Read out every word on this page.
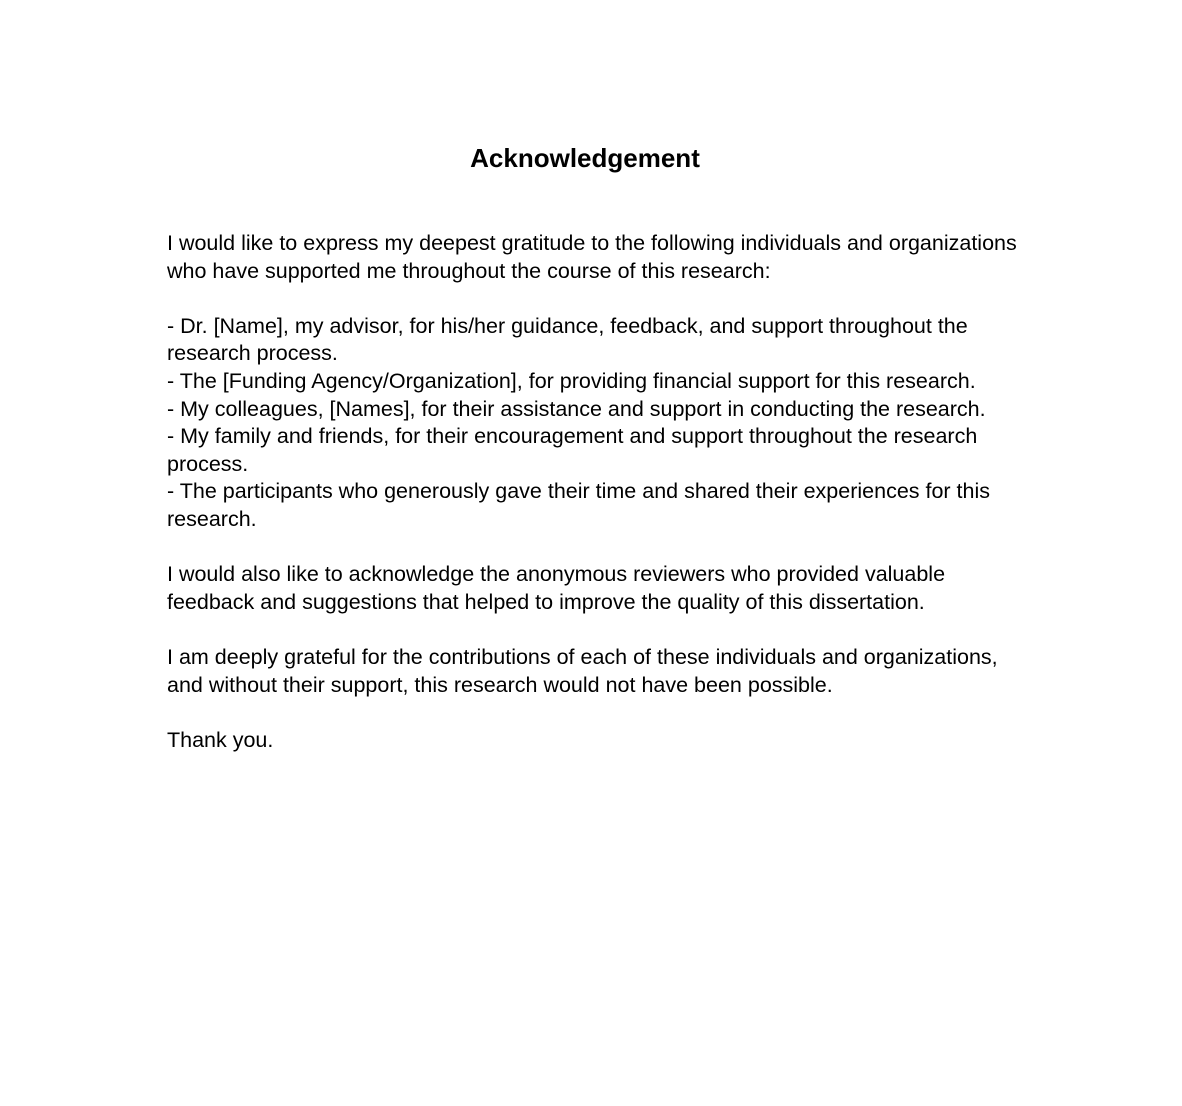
Acknowledgement

I would like to express my deepest gratitude to the following individuals and organizations who have supported me throughout the course of this research:

- Dr. [Name], my advisor, for his/her guidance, feedback, and support throughout the research process.
- The [Funding Agency/Organization], for providing financial support for this research.
- My colleagues, [Names], for their assistance and support in conducting the research.
- My family and friends, for their encouragement and support throughout the research process.
- The participants who generously gave their time and shared their experiences for this research.

I would also like to acknowledge the anonymous reviewers who provided valuable feedback and suggestions that helped to improve the quality of this dissertation.

I am deeply grateful for the contributions of each of these individuals and organizations, and without their support, this research would not have been possible.

Thank you.
